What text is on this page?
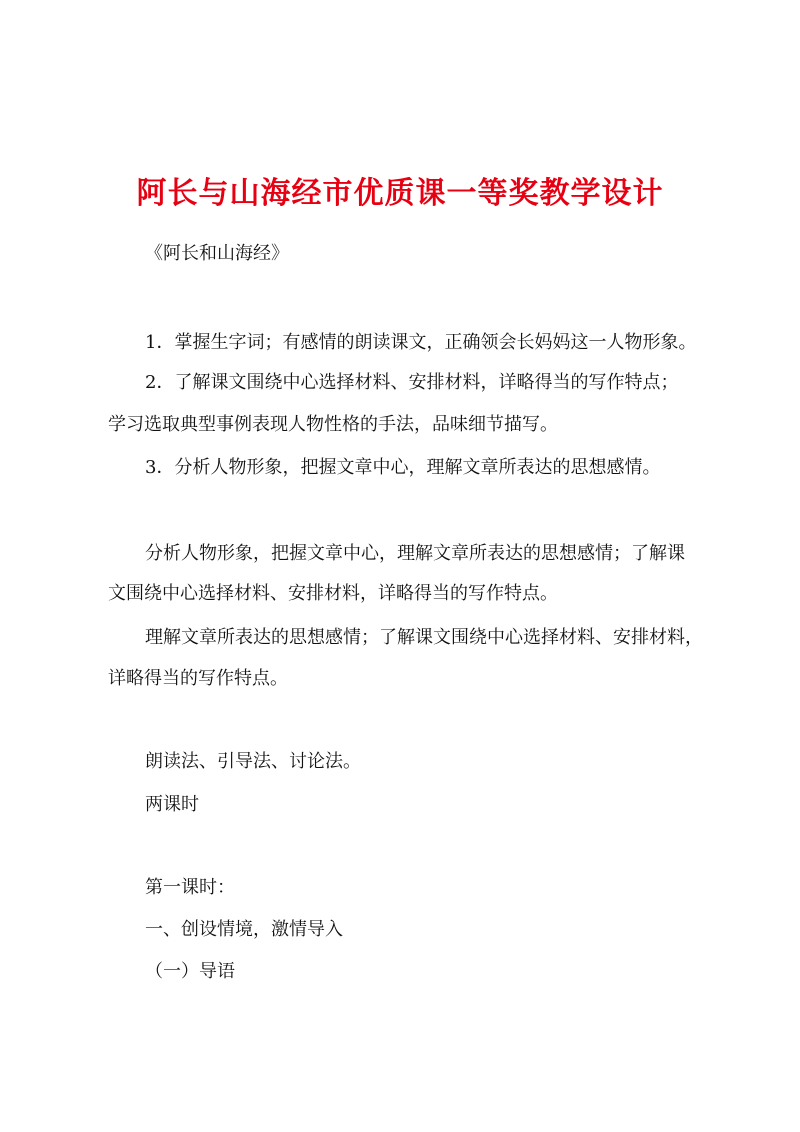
阿长与山海经市优质课一等奖教学设计
《阿长和山海经》
1．掌握生字词；有感情的朗读课文，正确领会长妈妈这一人物形象。
2．了解课文围绕中心选择材料、安排材料，详略得当的写作特点；
学习选取典型事例表现人物性格的手法，品味细节描写。
3．分析人物形象，把握文章中心，理解文章所表达的思想感情。
分析人物形象，把握文章中心，理解文章所表达的思想感情；了解课
文围绕中心选择材料、安排材料，详略得当的写作特点。
理解文章所表达的思想感情；了解课文围绕中心选择材料、安排材料，
详略得当的写作特点。
朗读法、引导法、讨论法。
两课时
第一课时：
一、创设情境，激情导入
（一）导语
